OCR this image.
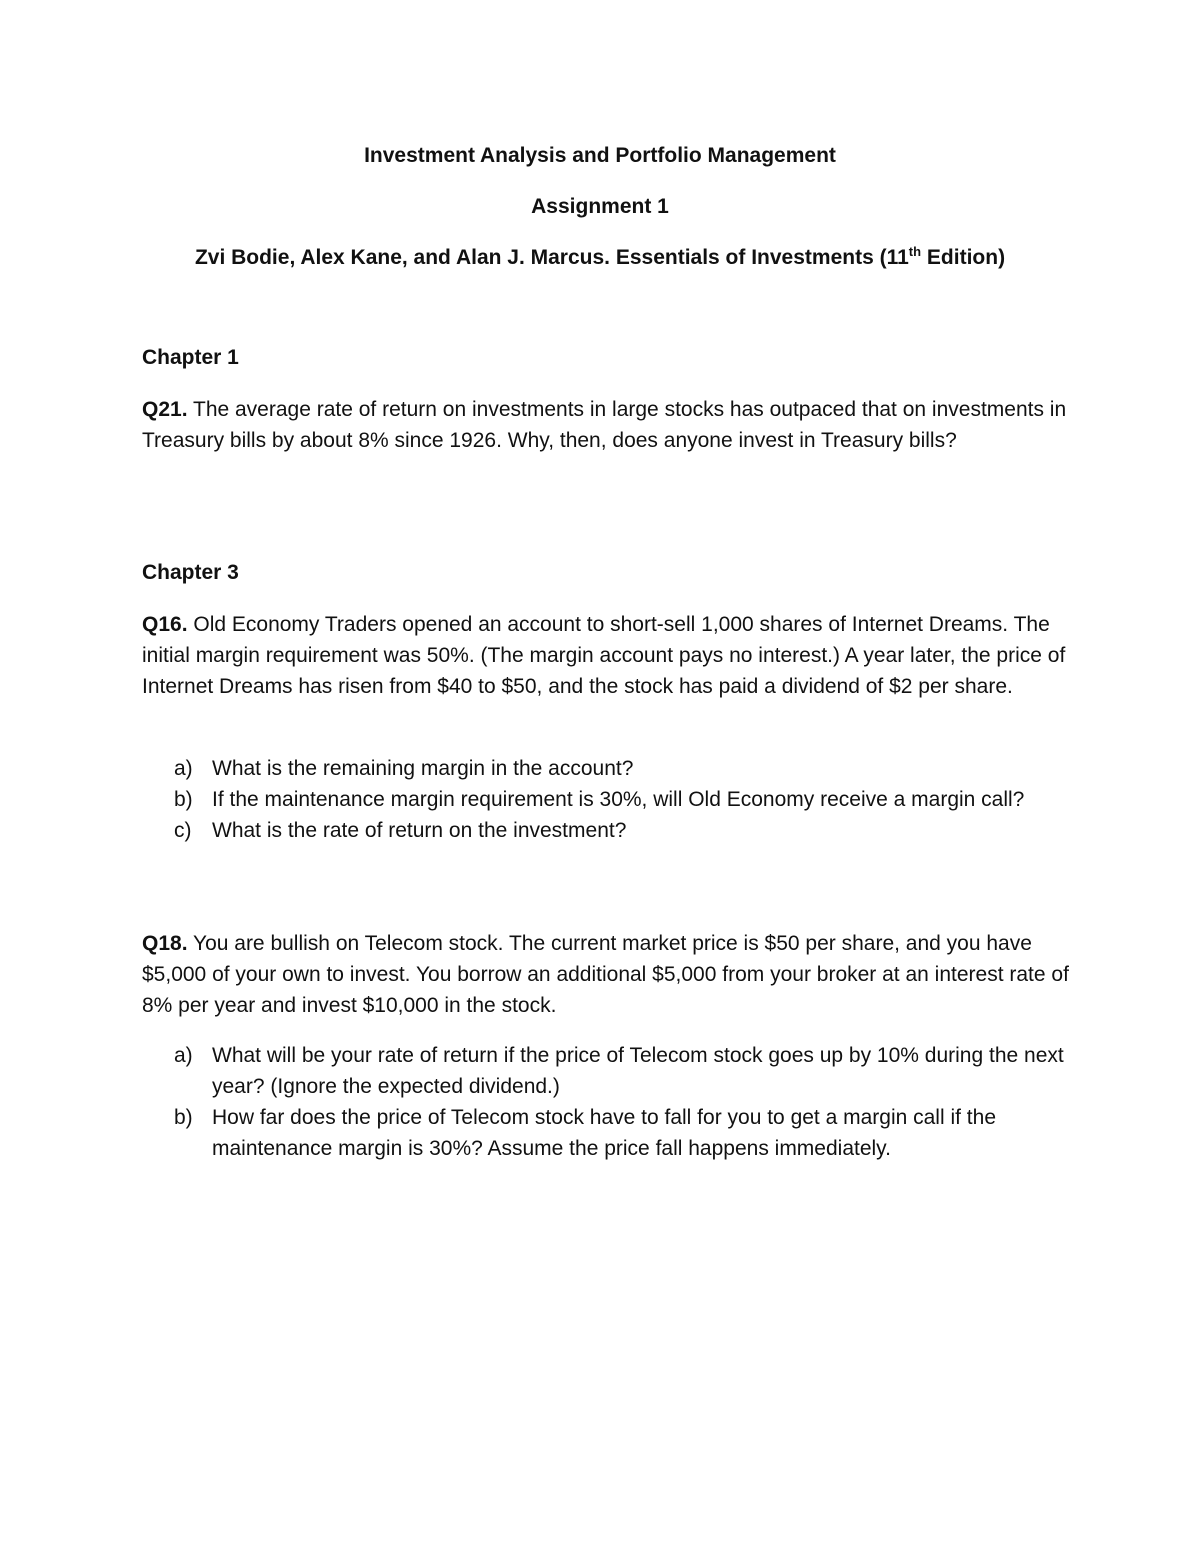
Investment Analysis and Portfolio Management
Assignment 1
Zvi Bodie, Alex Kane, and Alan J. Marcus. Essentials of Investments (11th Edition)
Chapter 1
Q21. The average rate of return on investments in large stocks has outpaced that on investments in Treasury bills by about 8% since 1926. Why, then, does anyone invest in Treasury bills?
Chapter 3
Q16. Old Economy Traders opened an account to short-sell 1,000 shares of Internet Dreams. The initial margin requirement was 50%. (The margin account pays no interest.) A year later, the price of Internet Dreams has risen from $40 to $50, and the stock has paid a dividend of $2 per share.
a) What is the remaining margin in the account?
b) If the maintenance margin requirement is 30%, will Old Economy receive a margin call?
c) What is the rate of return on the investment?
Q18. You are bullish on Telecom stock. The current market price is $50 per share, and you have $5,000 of your own to invest. You borrow an additional $5,000 from your broker at an interest rate of 8% per year and invest $10,000 in the stock.
a) What will be your rate of return if the price of Telecom stock goes up by 10% during the next year? (Ignore the expected dividend.)
b) How far does the price of Telecom stock have to fall for you to get a margin call if the maintenance margin is 30%? Assume the price fall happens immediately.
